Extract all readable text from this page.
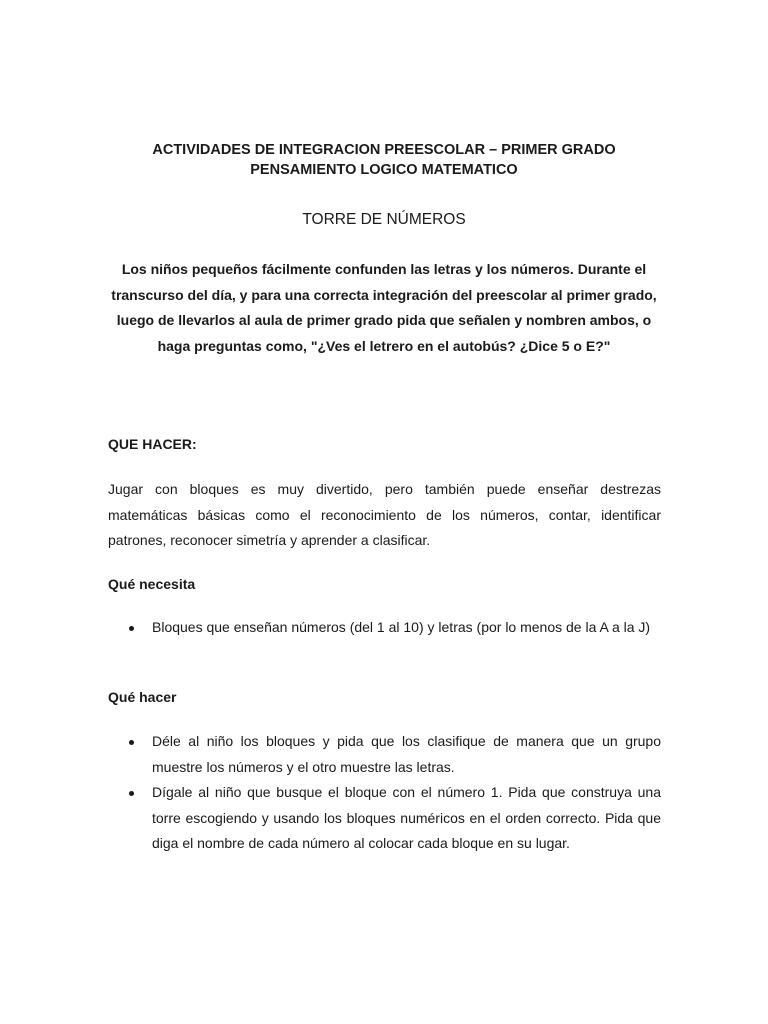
ACTIVIDADES DE INTEGRACION PREESCOLAR – PRIMER GRADO
PENSAMIENTO LOGICO MATEMATICO
TORRE DE NÚMEROS
Los niños pequeños fácilmente confunden las letras y los números. Durante el transcurso del día, y para una correcta integración del preescolar al primer grado, luego de llevarlos al aula de primer grado pida que señalen y nombren ambos, o haga preguntas como, "¿Ves el letrero en el autobús? ¿Dice 5 o E?"
QUE HACER:
Jugar con bloques es muy divertido, pero también puede enseñar destrezas matemáticas básicas como el reconocimiento de los números, contar, identificar patrones, reconocer simetría y aprender a clasificar.
Qué necesita
Bloques que enseñan números (del 1 al 10) y letras (por lo menos de la A a la J)
Qué hacer
Déle al niño los bloques y pida que los clasifique de manera que un grupo muestre los números y el otro muestre las letras.
Dígale al niño que busque el bloque con el número 1. Pida que construya una torre escogiendo y usando los bloques numéricos en el orden correcto. Pida que diga el nombre de cada número al colocar cada bloque en su lugar.
